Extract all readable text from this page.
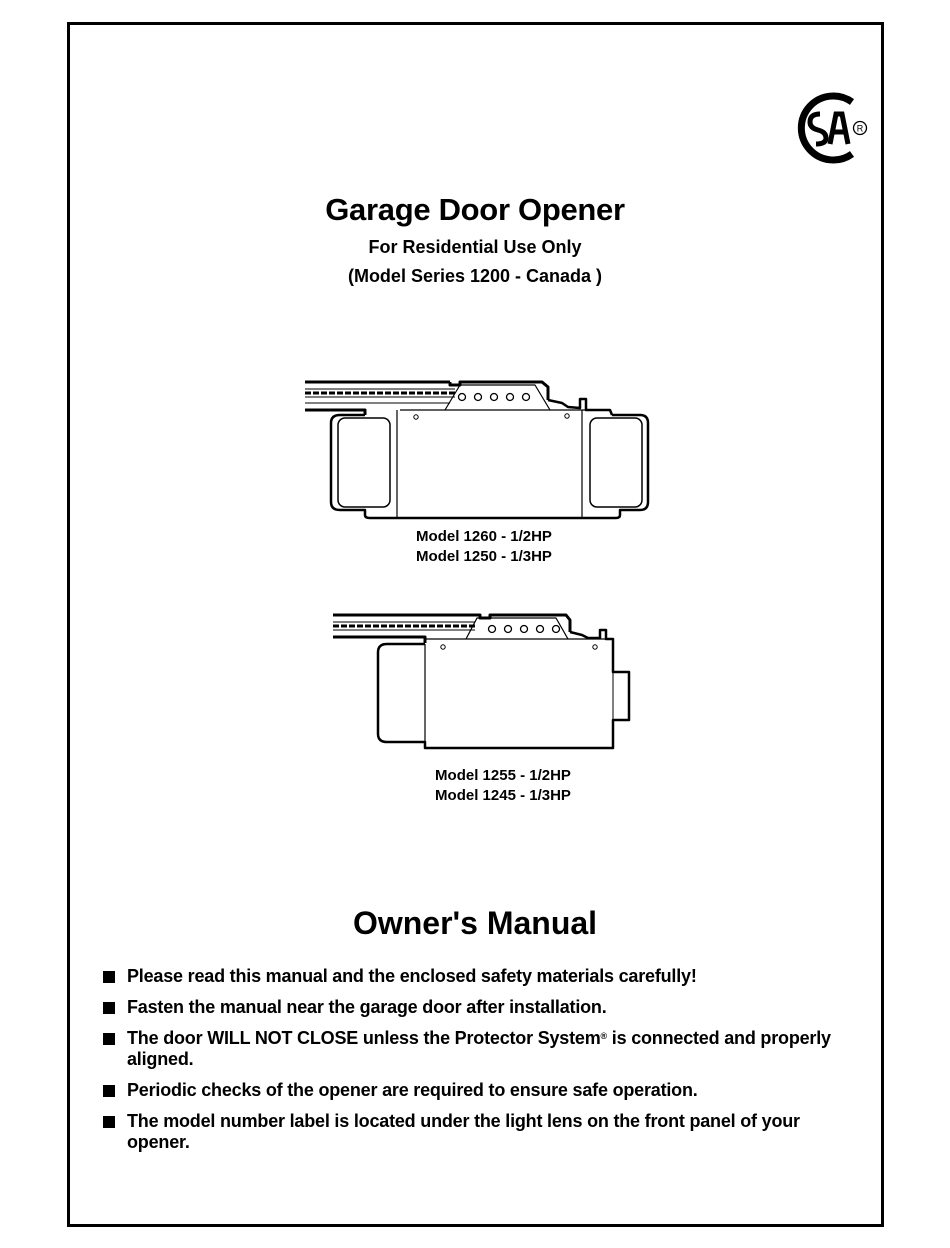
R
Garage Door Opener
For Residential Use Only
(Model Series 1200 - Canada )
Model 1260 - 1/2HP
Model 1250 - 1/3HP
Model 1255 - 1/2HP
Model 1245 - 1/3HP
Owner's Manual
Please read this manual and the enclosed safety materials carefully!
Fasten the manual near the garage door after installation.
The door WILL NOT CLOSE unless the Protector System® is connected and properly aligned.
Periodic checks of the opener are required to ensure safe operation.
The model number label is located under the light lens on the front panel of your opener.
